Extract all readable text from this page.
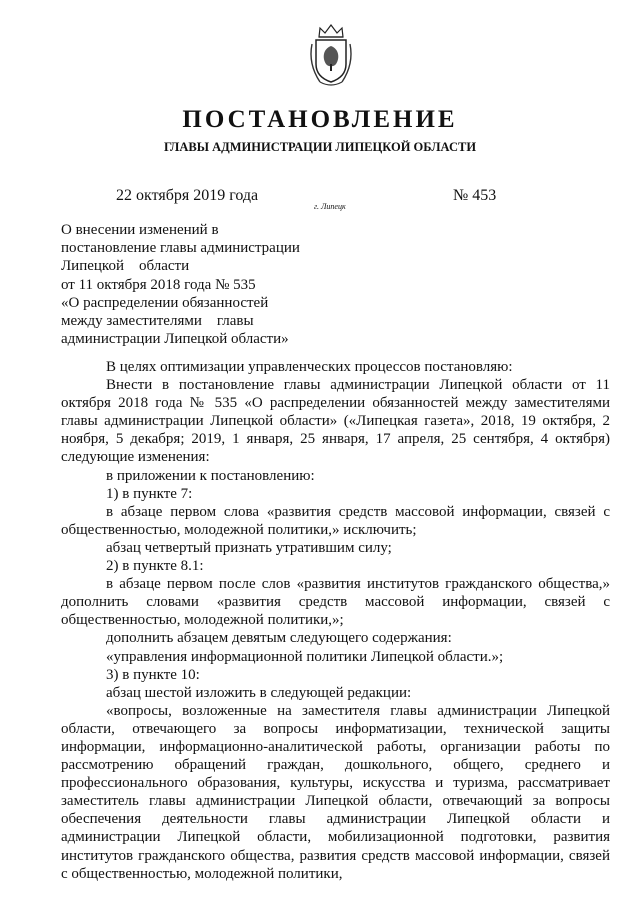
ПОСТАНОВЛЕНИЕ
ГЛАВЫ АДМИНИСТРАЦИИ ЛИПЕЦКОЙ ОБЛАСТИ
22 октября 2019 года
г. Липецк
№ 453
О внесении изменений в
постановление главы администрации
Липецкой    области
от 11 октября 2018 года № 535
«О распределении обязанностей
между заместителями    главы
администрации Липецкой области»

В целях оптимизации управленческих процессов постановляю:

Внести в постановление главы администрации Липецкой области от 11 октября 2018 года № 535 «О распределении обязанностей между заместителями главы администрации Липецкой области» («Липецкая газета», 2018, 19 октября, 2 ноября, 5 декабря; 2019, 1 января, 25 января, 17 апреля, 25 сентября, 4 октября) следующие изменения:

в приложении к постановлению:

1) в пункте 7:

в абзаце первом слова «развития средств массовой информации, связей с общественностью, молодежной политики,» исключить;

абзац четвертый признать утратившим силу;

2) в пункте 8.1:

в абзаце первом после слов «развития институтов гражданского общества,» дополнить словами «развития средств массовой информации, связей с общественностью, молодежной политики,»;

дополнить абзацем девятым следующего содержания:

«управления информационной политики Липецкой области.»;

3) в пункте 10:

абзац шестой изложить в следующей редакции:

«вопросы, возложенные на заместителя главы администрации Липецкой области, отвечающего за вопросы информатизации, технической защиты информации, информационно-аналитической работы, организации работы по рассмотрению обращений граждан, дошкольного, общего, среднего и профессионального образования, культуры, искусства и туризма, рассматривает заместитель главы администрации Липецкой области, отвечающий за вопросы обеспечения деятельности главы администрации Липецкой области и администрации Липецкой области, мобилизационной подготовки, развития институтов гражданского общества, развития средств массовой информации, связей с общественностью, молодежной политики,
